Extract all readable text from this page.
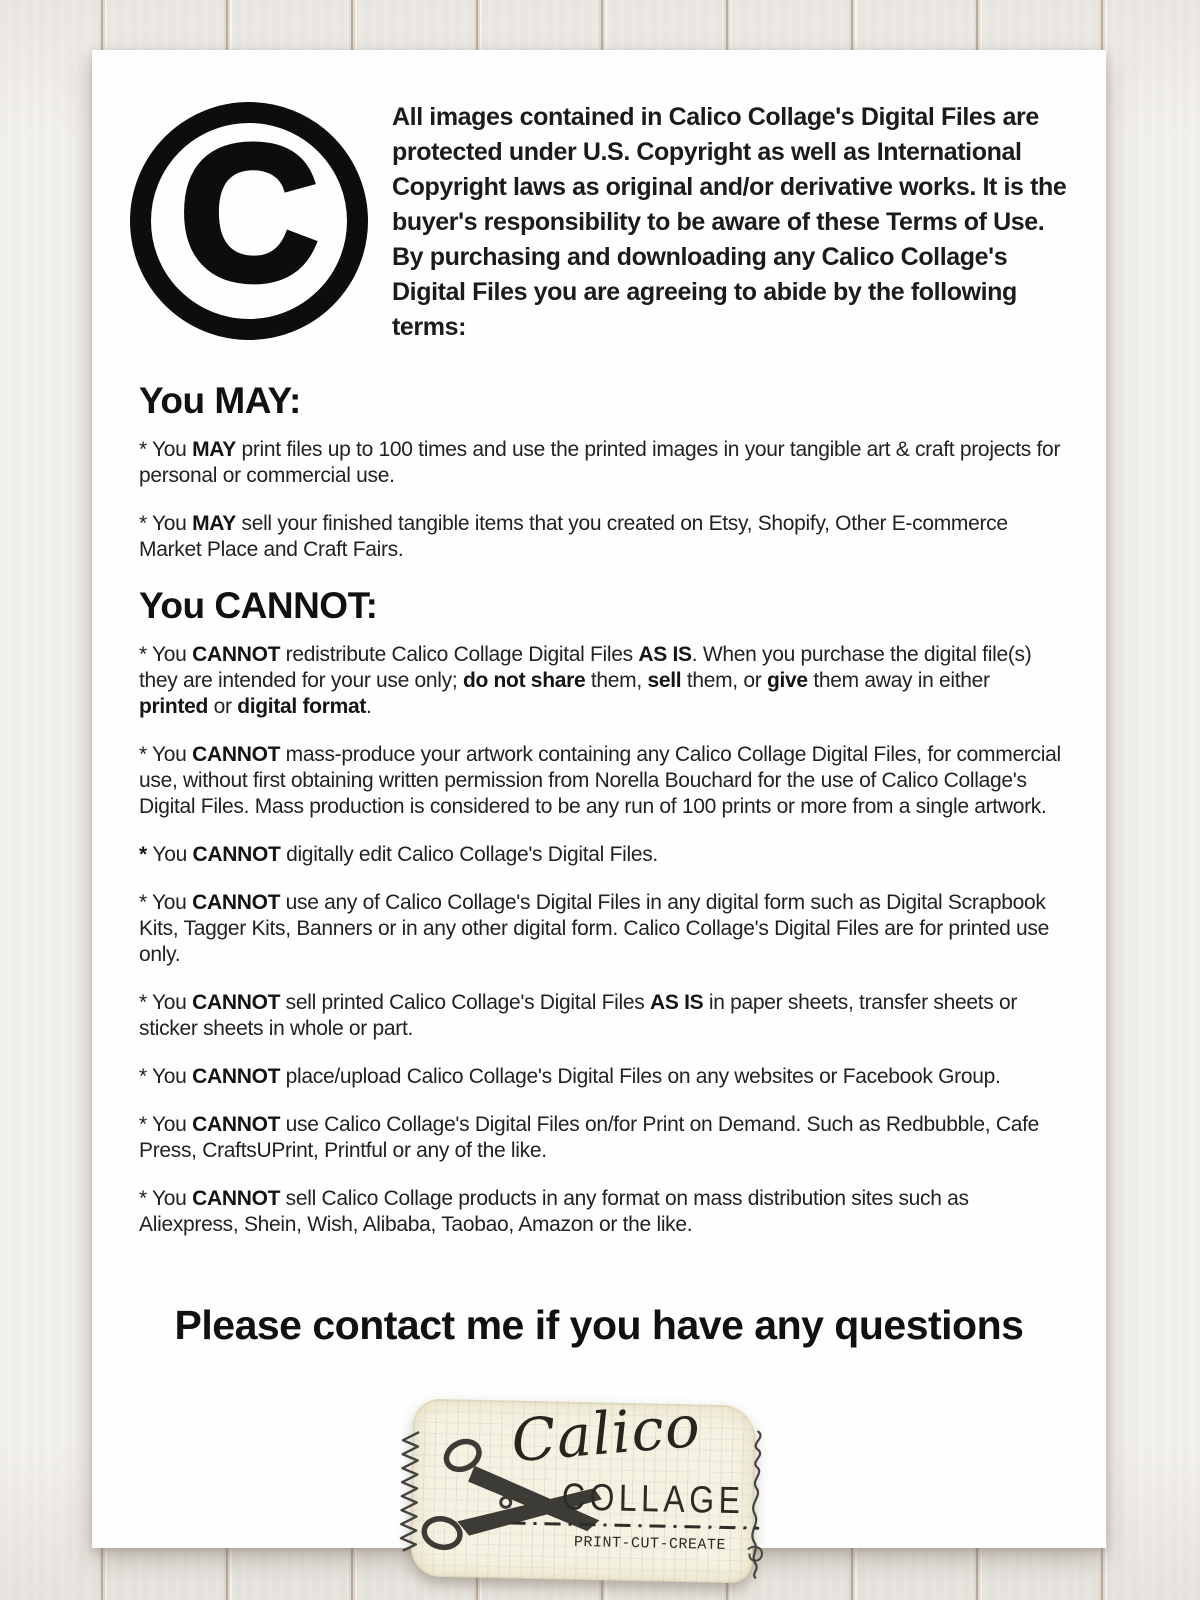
C	All images contained in Calico Collage's Digital Files are protected under U.S. Copyright as well as International Copyright laws as original and/or derivative works. It is the buyer's responsibility to be aware of these Terms of Use. By purchasing and downloading any Calico Collage's Digital Files you are agreeing to abide by the following terms:
You MAY:

* You MAY print files up to 100 times and use the printed images in your tangible art & craft projects for personal or commercial use.

* You MAY sell your finished tangible items that you created on Etsy, Shopify, Other E-commerce Market Place and Craft Fairs.

You CANNOT:

* You CANNOT redistribute Calico Collage Digital Files AS IS. When you purchase the digital file(s) they are intended for your use only; do not share them, sell them, or give them away in either printed or digital format.

* You CANNOT mass-produce your artwork containing any Calico Collage Digital Files, for commercial use, without first obtaining written permission from Norella Bouchard for the use of Calico Collage's Digital Files. Mass production is considered to be any run of 100 prints or more from a single artwork.

* You CANNOT digitally edit Calico Collage's Digital Files.

* You CANNOT use any of Calico Collage's Digital Files in any digital form such as Digital Scrapbook Kits, Tagger Kits, Banners or in any other digital form. Calico Collage's Digital Files are for printed use only.

* You CANNOT sell printed Calico Collage's Digital Files AS IS in paper sheets, transfer sheets or sticker sheets in whole or part.

* You CANNOT place/upload Calico Collage's Digital Files on any websites or Facebook Group.

* You CANNOT use Calico Collage's Digital Files on/for Print on Demand. Such as Redbubble, Cafe Press, CraftsUPrint, Printful or any of the like.

* You CANNOT sell Calico Collage products in any format on mass distribution sites such as Aliexpress, Shein, Wish, Alibaba, Taobao, Amazon or the like.

Please contact me if you have any questions
Calico
COLLAGE
PRINT-CUT-CREATE
